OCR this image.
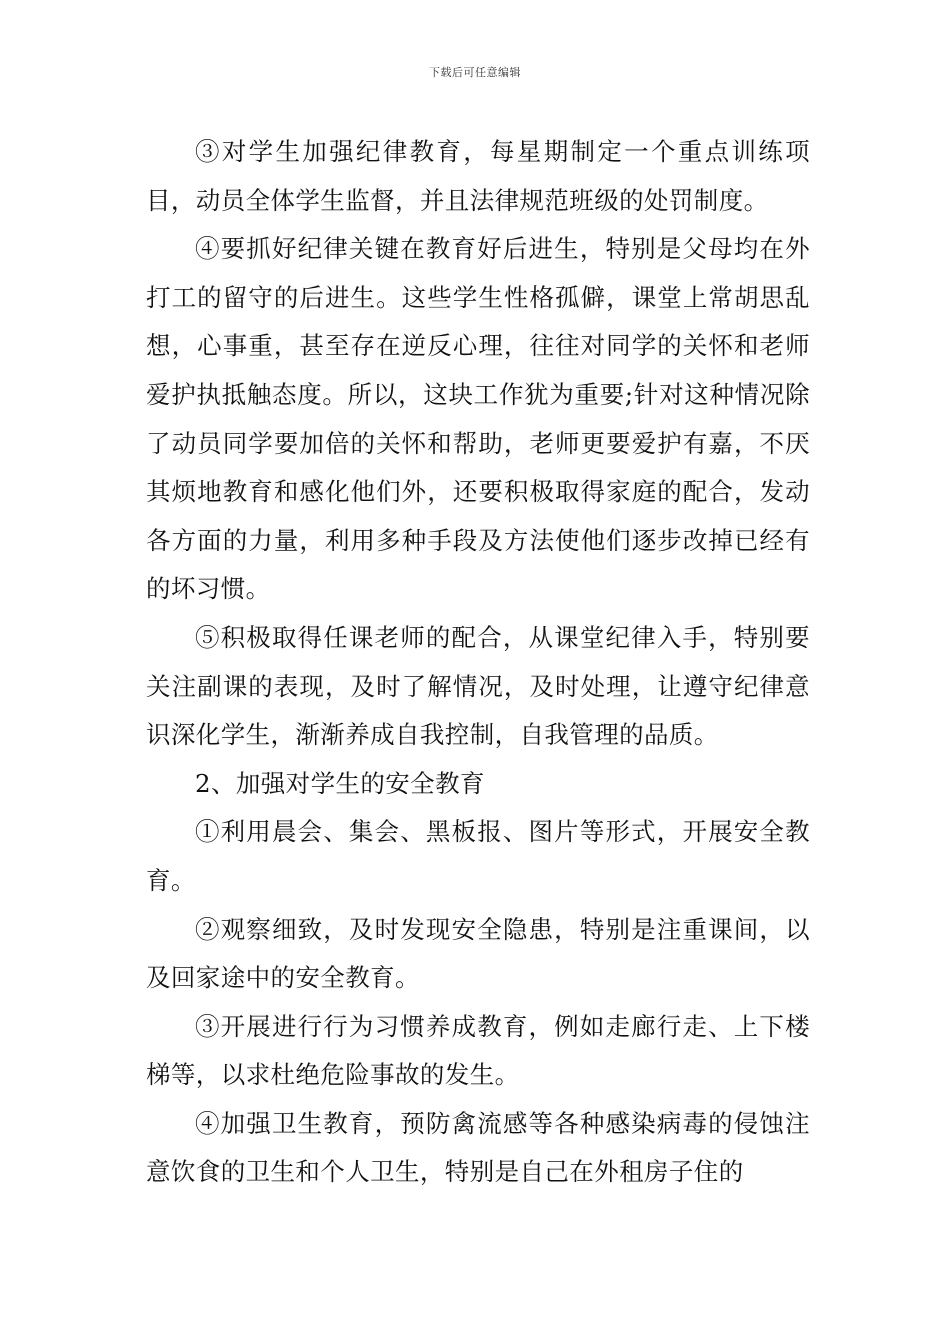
下载后可任意编辑

③对学生加强纪律教育，每星期制定一个重点训练项目，动员全体学生监督，并且法律规范班级的处罚制度。

④要抓好纪律关键在教育好后进生，特别是父母均在外打工的留守的后进生。这些学生性格孤僻，课堂上常胡思乱想，心事重，甚至存在逆反心理，往往对同学的关怀和老师爱护执抵触态度。所以，这块工作犹为重要;针对这种情况除了动员同学要加倍的关怀和帮助，老师更要爱护有嘉，不厌其烦地教育和感化他们外，还要积极取得家庭的配合，发动各方面的力量，利用多种手段及方法使他们逐步改掉已经有的坏习惯。

⑤积极取得任课老师的配合，从课堂纪律入手，特别要关注副课的表现，及时了解情况，及时处理，让遵守纪律意识深化学生，渐渐养成自我控制，自我管理的品质。

2、加强对学生的安全教育

①利用晨会、集会、黑板报、图片等形式，开展安全教育。

②观察细致，及时发现安全隐患，特别是注重课间，以及回家途中的安全教育。

③开展进行行为习惯养成教育，例如走廊行走、上下楼梯等，以求杜绝危险事故的发生。

④加强卫生教育，预防禽流感等各种感染病毒的侵蚀注意饮食的卫生和个人卫生，特别是自己在外租房子住的
